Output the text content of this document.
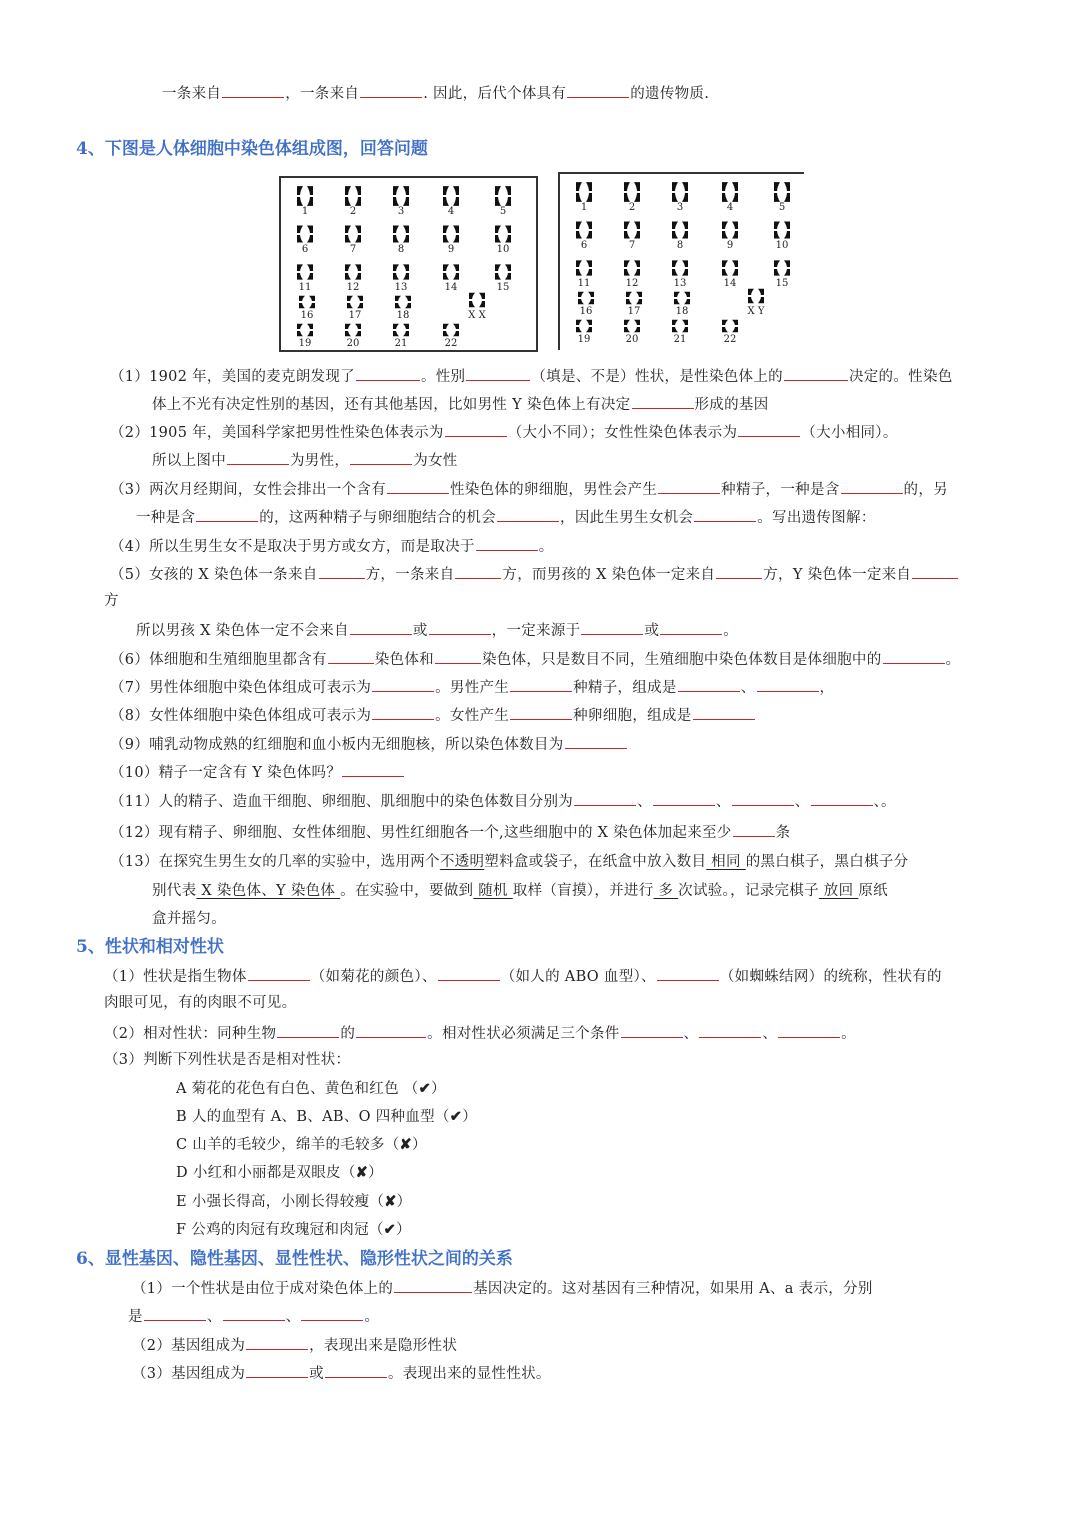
一条来自	，一条来自	. 因此，后代个体具有	的遗传物质.
4、下图是人体细胞中染色体组成图，回答问题
1	2	3	4	5
6	7	8	9	10
11	12	13	14	15
16	17	18
19	20	21	22
X X
1	2	3	4	5
6	7	8	9	10
11	12	13	14	15
16	17	18
19	20	21	22
X Y
（1）1902 年，美国的麦克朗发现了	。性别	（填是、不是）性状，是性染色体上的	决定的。性染色
体上不光有决定性别的基因，还有其他基因，比如男性 Y 染色体上有决定	形成的基因
（2）1905 年，美国科学家把男性性染色体表示为	（大小不同）；女性性染色体表示为	（大小相同）。
所以上图中	为男性，	为女性
（3）两次月经期间，女性会排出一个含有	性染色体的卵细胞，男性会产生	种精子，一种是含	的，另
一种是含	的，这两种精子与卵细胞结合的机会	，因此生男生女机会	。写出遗传图解：
（4）所以生男生女不是取决于男方或女方，而是取决于	。
（5）女孩的 X 染色体一条来自	方，一条来自	方，而男孩的 X 染色体一定来自	方，Y 染色体一定来自
方
所以男孩 X 染色体一定不会来自	或	，一定来源于	或	。
（6）体细胞和生殖细胞里都含有	染色体和	染色体，只是数目不同，生殖细胞中染色体数目是体细胞中的	。
（7）男性体细胞中染色体组成可表示为	。男性产生	种精子，组成是	、	，
（8）女性体细胞中染色体组成可表示为	。女性产生	种卵细胞，组成是
（9）哺乳动物成熟的红细胞和血小板内无细胞核，所以染色体数目为
（10）精子一定含有 Y 染色体吗？
（11）人的精子、造血干细胞、卵细胞、肌细胞中的染色体数目分别为	、	、	、	、。
（12）现有精子、卵细胞、女性体细胞、男性红细胞各一个,这些细胞中的 X 染色体加起来至少	条
（13）在探究生男生女的几率的实验中，选用两个不透明塑料盒或袋子，在纸盒中放入数目 相同 的黑白棋子，黑白棋子分
别代表 X 染色体、Y 染色体 。在实验中，要做到 随机 取样（盲摸），并进行 多 次试验。，记录完棋子 放回 原纸
盒并摇匀。
5、性状和相对性状
（1）性状是指生物体	（如菊花的颜色）、	（如人的 ABO 血型）、	（如蜘蛛结网）的统称，性状有的
肉眼可见，有的肉眼不可见。
（2）相对性状：同种生物	的	。相对性状必须满足三个条件	、	、	。
（3）判断下列性状是否是相对性状：
A 菊花的花色有白色、黄色和红色 （✔）
B 人的血型有 A、B、AB、O 四种血型（✔）
C 山羊的毛较少，绵羊的毛较多（✘）
D 小红和小丽都是双眼皮（✘）
E 小强长得高，小刚长得较瘦（✘）
F 公鸡的肉冠有玫瑰冠和肉冠（✔）
6、显性基因、隐性基因、显性性状、隐形性状之间的关系
（1）一个性状是由位于成对染色体上的	基因决定的。这对基因有三种情况，如果用 A、a 表示，分别
是	、	、	。
（2）基因组成为	，表现出来是隐形性状
（3）基因组成为	或	。表现出来的显性性状。
